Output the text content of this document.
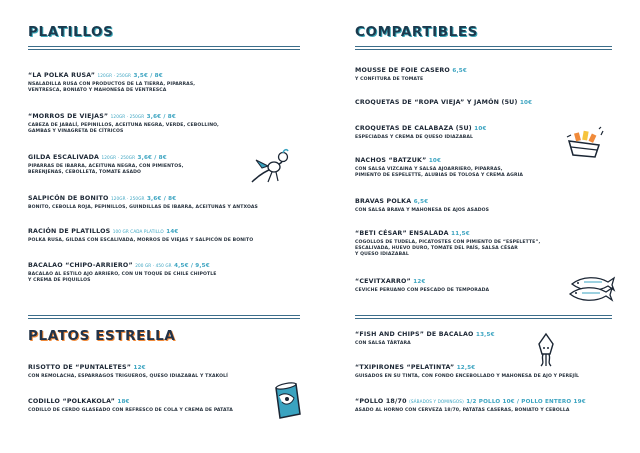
PLATILLOS
“LA POLKA RUSA” 120GR · 250GR 3,5€ / 8€
NSALADILLA RUSA CON PRODUCTOS DE LA TIERRA, PIPARRAS,
VENTRESCA, BONIATO Y MAHONESA DE VENTRESCA
“MORROS DE VIEJAS” 120GR · 250GR 3,6€ / 8€
CABEZA DE JABALÍ, PEPINILLOS, ACEITUNA NEGRA, VERDE, CEBOLLINO,
GAMBAS Y VINAGRETA DE CÍTRICOS
GILDA ESCALIVADA 120GR · 250GR 3,6€ / 8€
PIPARRAS DE IBARRA, ACEITUNA NEGRA, CON PIMIENTOS,
BERENJENAS, CEBOLLETA, TOMATE ASADO
SALPICÓN DE BONITO 120GR · 250GR 3,6€ / 8€
BONITO, CEBOLLA ROJA, PEPINILLOS, GUINDILLAS DE IBARRA, ACEITUNAS Y ANTXOAS
RACIÓN DE PLATILLOS 100 GR CADA PLATILLO 14€
POLKA RUSA, GILDAS CON ESCALIVADA, MORROS DE VIEJAS Y SALPICÓN DE BONITO
BACALAO “CHIPO-ARRIERO” 200 GR · 450 GR 4,5€ / 9,5€
BACALAO AL ESTILO AJO ARRIERO, CON UN TOQUE DE CHILE CHIPOTLE
Y CREMA DE PIQUILLOS
PLATOS ESTRELLA
RISOTTO DE “PUNTALETES” 12€
CON REMOLACHA, ESPARRAGOS TRIGUEROS, QUESO IDIAZABAL Y TXAKOLÍ
CODILLO “POLKAKOLA” 18€
CODILLO DE CERDO GLASEADO CON REFRESCO DE COLA Y CREMA DE PATATA
COMPARTIBLES
MOUSSE DE FOIE CASERO 6,5€
Y CONFITURA DE TOMATE
CROQUETAS DE “ROPA VIEJA” Y JAMÓN (5U) 10€
CROQUETAS DE CALABAZA (5U) 10€
ESPECIADAS Y CREMA DE QUESO IDIAZABAL
NACHOS “BATZUK” 10€
CON SALSA VIZCAINA Y SALSA AJOARRIERO, PIPARRAS,
PIMIENTO DE ESPELETTE, ALUBIAS DE TOLOSA Y CREMA AGRIA
BRAVAS POLKA 6,5€
CON SALSA BRAVA Y MAHONESA DE AJOS ASADOS
“BETI CÉSAR” ENSALADA 11,5€
COGOLLOS DE TUDELA, PICATOSTES CON PIMIENTO DE “ESPELETTE”,
ESCALIVADA, HUEVO DURO, TOMATE DEL PAÍS, SALSA CÉSAR
Y QUESO IDIAZABAL
“CEVITXARRO” 12€
CEVICHE PERUANO CON PESCADO DE TEMPORADA
“FISH AND CHIPS” DE BACALAO 13,5€
CON SALSA TÁRTARA
“TXIPIRONES “PELATINTA” 12,5€
GUISADOS EN SU TINTA, CON FONDO ENCEBOLLADO Y MAHONESA DE AJO Y PEREJÍL
“POLLO 18/70 (SÁBADOS Y DOMINGOS) 1/2 POLLO 10€ / POLLO ENTERO 19€
ASADO AL HORNO CON CERVEZA 18/70, PATATAS CASERAS, BONIATO Y CEBOLLA
